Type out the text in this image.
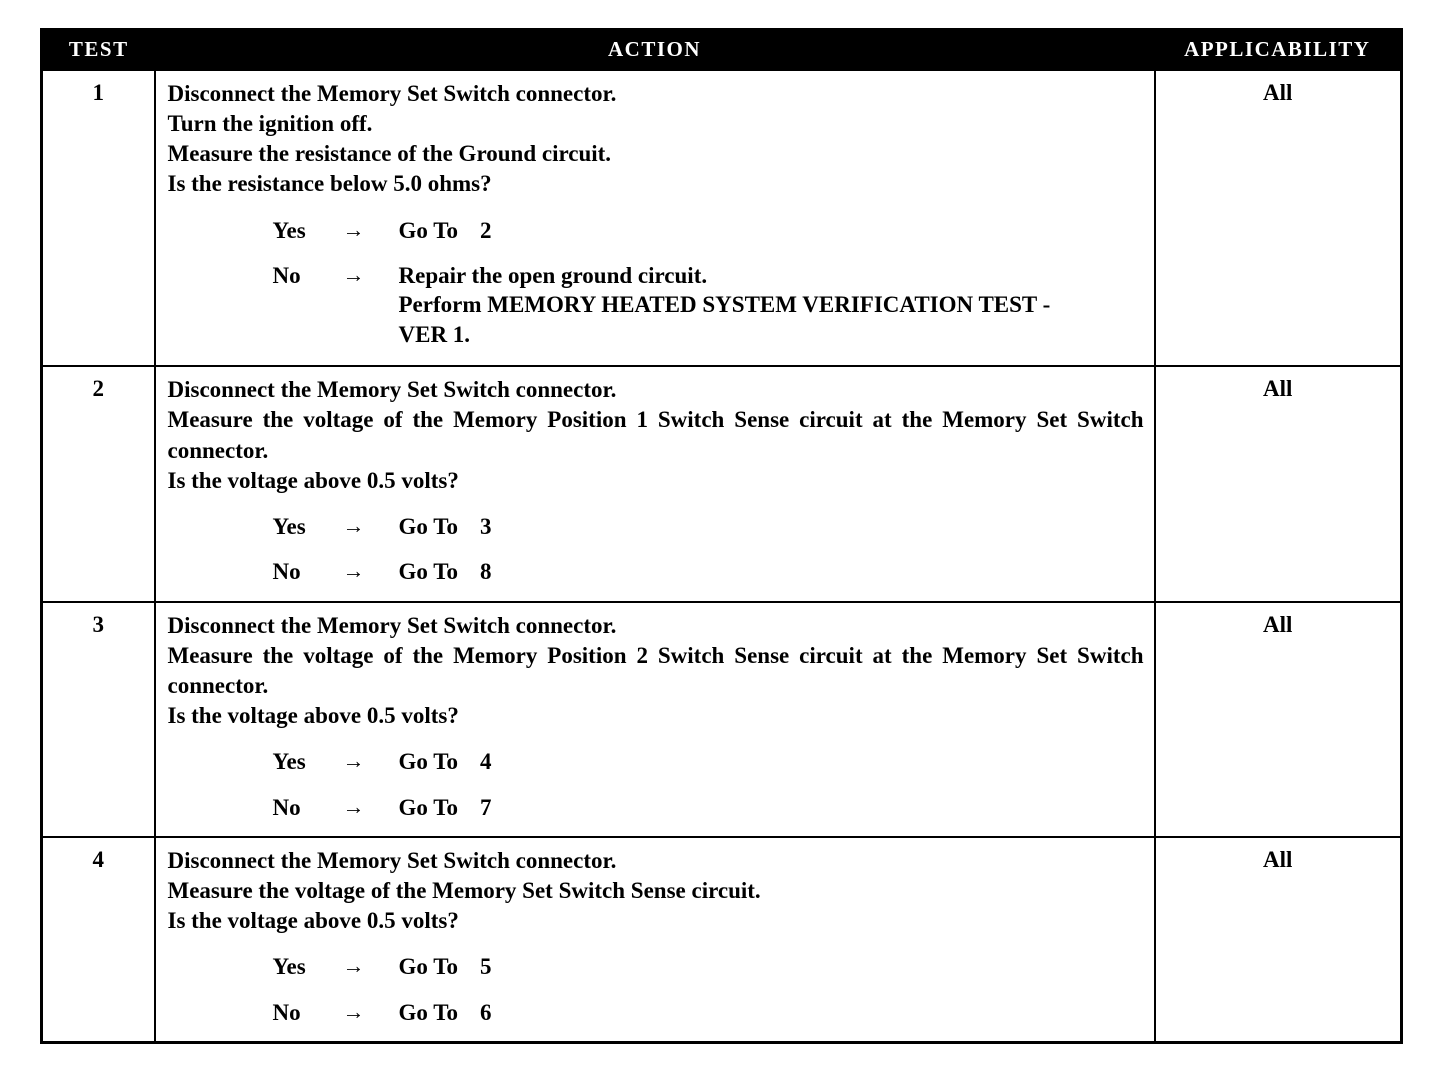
TEST	ACTION	APPLICABILITY
1	Disconnect the Memory Set Switch connector.
Turn the ignition off.
Measure the resistance of the Ground circuit.
Is the resistance below 5.0 ohms?
Yes	→	Go To 2
No	→	Repair the open ground circuit.
Perform MEMORY HEATED SYSTEM VERIFICATION TEST -
VER 1.
	All
2	Disconnect the Memory Set Switch connector.
Measure the voltage of the Memory Position 1 Switch Sense circuit at the Memory Set Switch connector.
Is the voltage above 0.5 volts?
Yes	→	Go To 3
No	→	Go To 8
	All
3	Disconnect the Memory Set Switch connector.
Measure the voltage of the Memory Position 2 Switch Sense circuit at the Memory Set Switch connector.
Is the voltage above 0.5 volts?
Yes	→	Go To 4
No	→	Go To 7
	All
4	Disconnect the Memory Set Switch connector.
Measure the voltage of the Memory Set Switch Sense circuit.
Is the voltage above 0.5 volts?
Yes	→	Go To 5
No	→	Go To 6
	All
